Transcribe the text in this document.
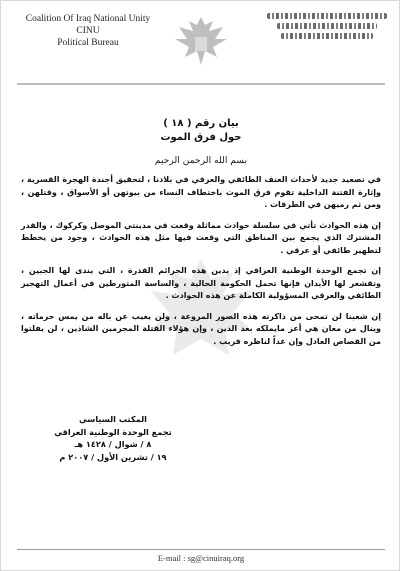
Coalition Of Iraq National Unity
CINU
Political Bureau
بيان رقم ( ١٨ )
حول فرق الموت
بسم الله الرحمن الرحيم

في تصعيد جديد لأحداث العنف الطائفي والعرقي في بلادنا ، لتحقيق أجندة الهجرة القسرية ، وإثارة الفتنة الداخلية تقوم فرق الموت باختطاف النساء من بيوتهن أو الأسواق ، وقتلهن ، ومن ثم رميهن في الطرقات .

إن هذه الحوادث تأتي في سلسلة حوادث مماثلة وقعت في مدينتي الموصل وكركوك ، والقدر المشترك الذي يجمع بين المناطق التي وقعت فيها مثل هذه الحوادث ، وجود من يخطط لتطهير طائفي أو عرقي .

إن تجمع الوحدة الوطنية العراقي إذ يدين هذه الجرائم القذرة ، التي يندى لها الجبين ، وتقشعر لها الأبدان فإنها تحمل الحكومة الحالية ، والساسة المتورطين في أعمال التهجير الطائفي والعرقي المسؤولية الكاملة عن هذه الحوادث .

إن شعبنا لن تمحى من ذاكرته هذه الصور المروعة ، ولن يغيب عن باله من يمس حرماته ، وينال من معان هي أعز مايملكه بعد الدين ، وإن هؤلاء القتلة المجرمين الشاذين ، لن يفلتوا من القصاص العادل وإن غداً لناظره قريب .

المكتب السياسي
تجمع الوحدة الوطنية العراقي
٨ / شوال / ١٤٢٨ هـ
١٩ / تشرين الأول / ٢٠٠٧ م
E-mail : sg@cinuiraq.org
